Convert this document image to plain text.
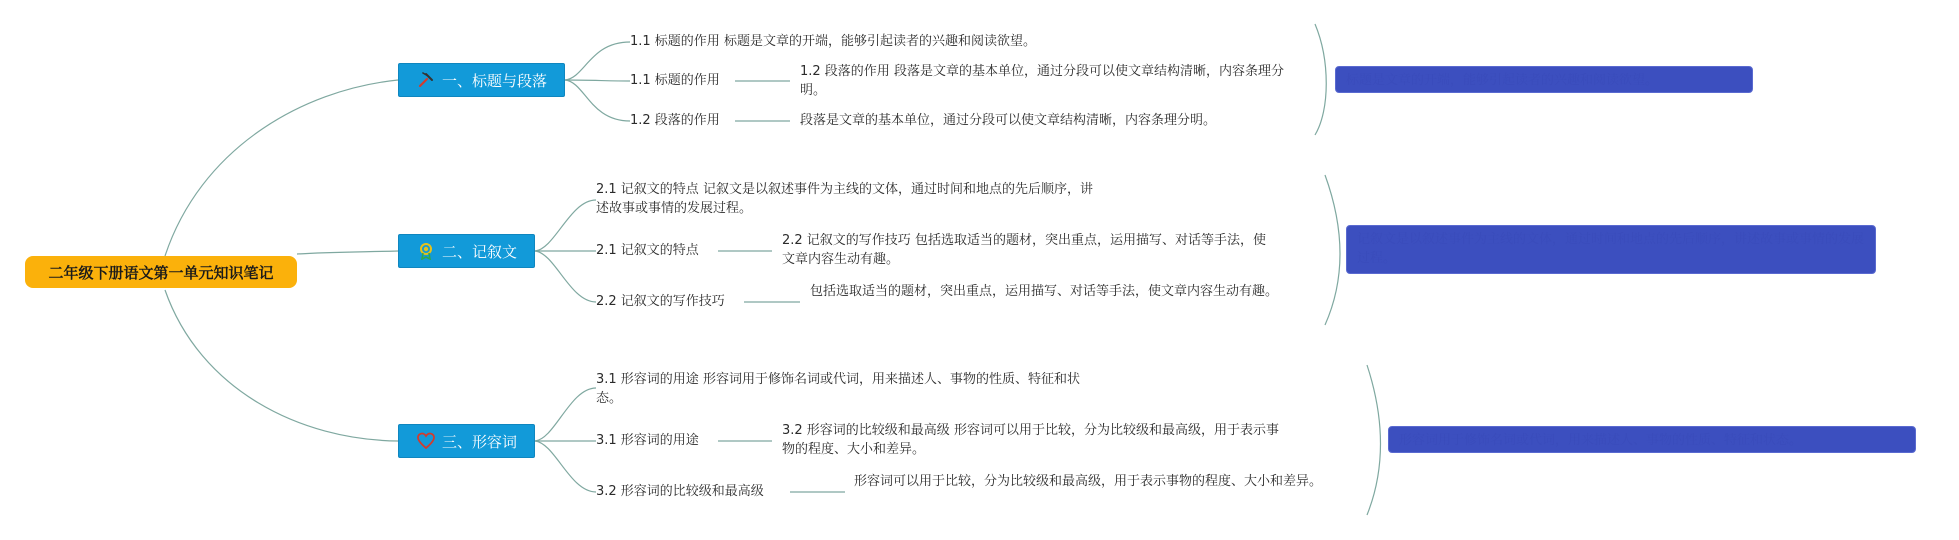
二年级下册语文第一单元知识笔记
一、标题与段落
1.1 标题的作用 标题是文章的开端，能够引起读者的兴趣和阅读欲望。
1.1 标题的作用
1.2 段落的作用 段落是文章的基本单位，通过分段可以使文章结构清晰，内容条理分明。
1.2 段落的作用	段落是文章的基本单位，通过分段可以使文章结构清晰，内容条理分明。
标题是文章的开端，能够引起读者的兴趣和阅读欲望。
二、记叙文
2.1 记叙文的特点 记叙文是以叙述事件为主线的文体，通过时间和地点的先后顺序，讲述故事或事情的发展过程。
2.1 记叙文的特点
2.2 记叙文的写作技巧 包括选取适当的题材，突出重点，运用描写、对话等手法，使文章内容生动有趣。
2.2 记叙文的写作技巧
包括选取适当的题材，突出重点，运用描写、对话等手法，使文章内容生动有趣。
记叙文是以叙述事件为主线的文体，通过时间和地点的先后顺序，讲述故事或事情的发展过程。
三、形容词
3.1 形容词的用途 形容词用于修饰名词或代词，用来描述人、事物的性质、特征和状态。
3.1 形容词的用途
3.2 形容词的比较级和最高级 形容词可以用于比较，分为比较级和最高级，用于表示事物的程度、大小和差异。
3.2 形容词的比较级和最高级
形容词可以用于比较，分为比较级和最高级，用于表示事物的程度、大小和差异。
形容词用于修饰名词或代词，用来描述人、事物的性质、特征和状态。
